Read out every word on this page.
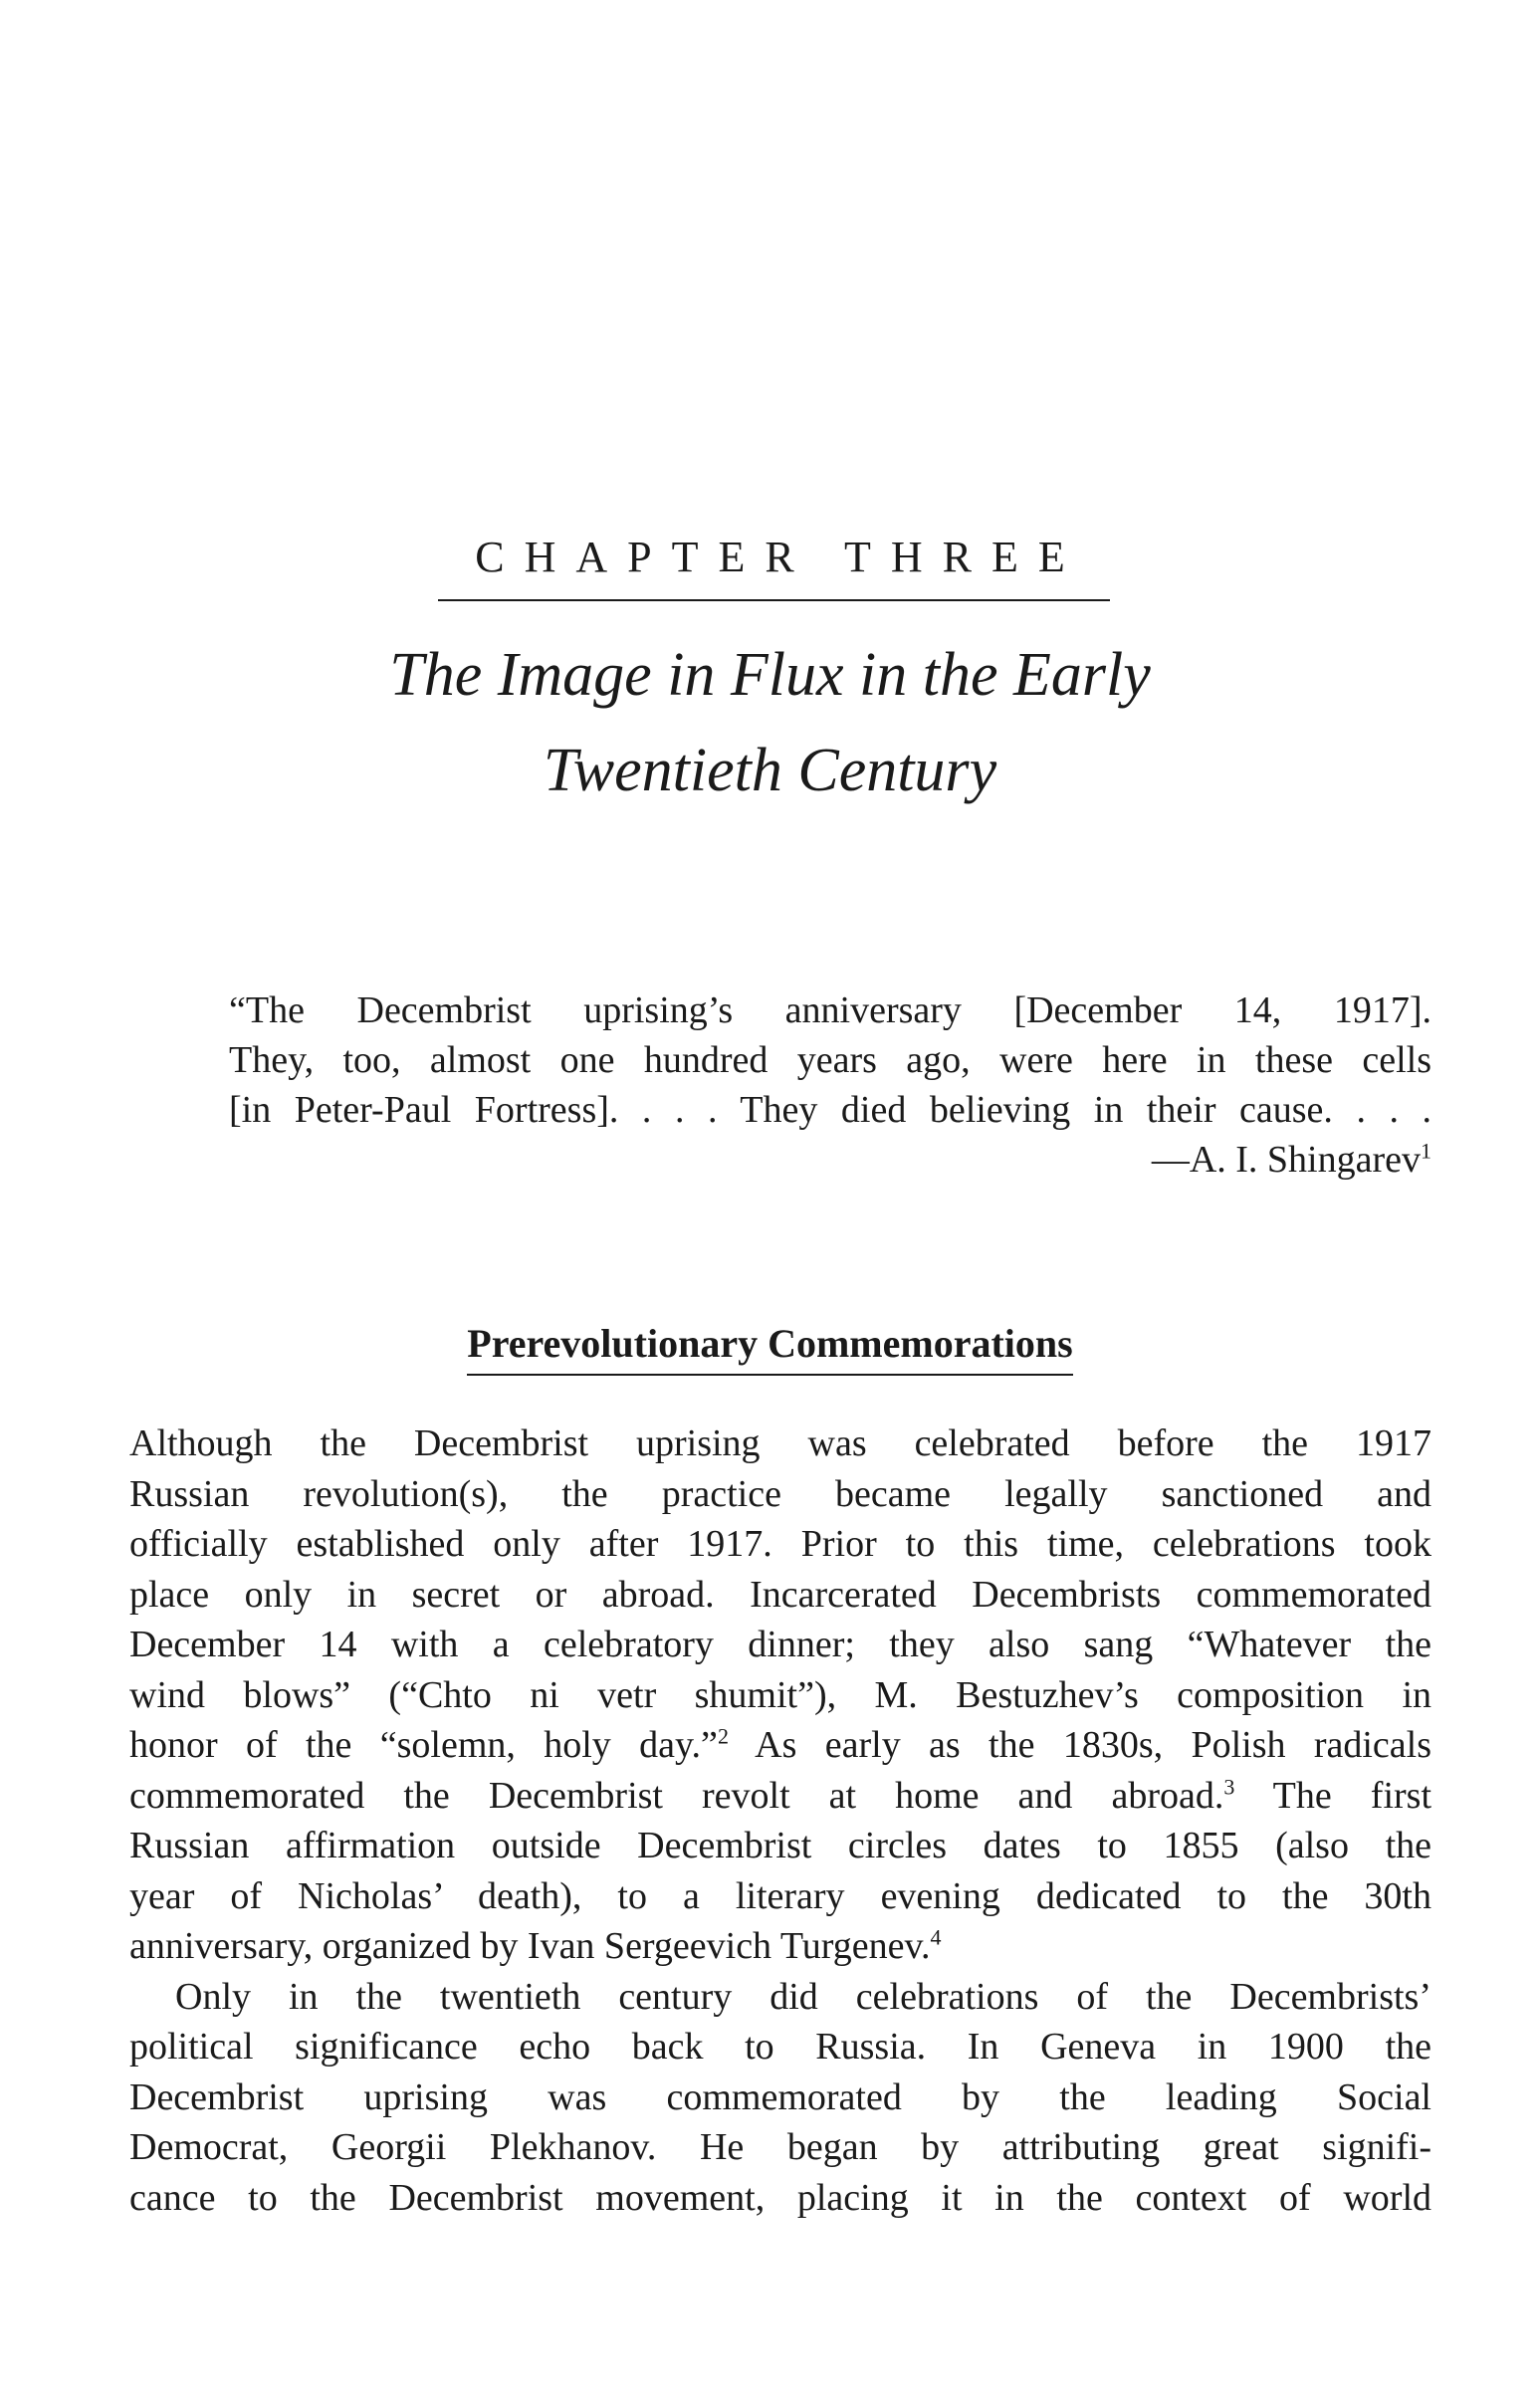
CHAPTER THREE
The Image in Flux in the Early
Twentieth Century
“The Decembrist uprising’s anniversary [December 14, 1917].
They, too, almost one hundred years ago, were here in these cells
[in Peter-Paul Fortress]. . . . They died believing in their cause. . . .
—A. I. Shingarev$^1$
Prerevolutionary Commemorations
Although the Decembrist uprising was celebrated before the 1917
Russian revolution(s), the practice became legally sanctioned and
officially established only after 1917. Prior to this time, celebrations took
place only in secret or abroad. Incarcerated Decembrists commemorated
December 14 with a celebratory dinner; they also sang “Whatever the
wind blows” (“Chto ni vetr shumit”), M. Bestuzhev’s composition in
honor of the “solemn, holy day.”$^2$ As early as the 1830s, Polish radicals
commemorated the Decembrist revolt at home and abroad.$^3$ The first
Russian affirmation outside Decembrist circles dates to 1855 (also the
year of Nicholas’ death), to a literary evening dedicated to the 30th
anniversary, organized by Ivan Sergeevich Turgenev.$^4$
Only in the twentieth century did celebrations of the Decembrists’
political significance echo back to Russia. In Geneva in 1900 the
Decembrist uprising was commemorated by the leading Social
Democrat, Georgii Plekhanov. He began by attributing great signifi-
cance to the Decembrist movement, placing it in the context of world
